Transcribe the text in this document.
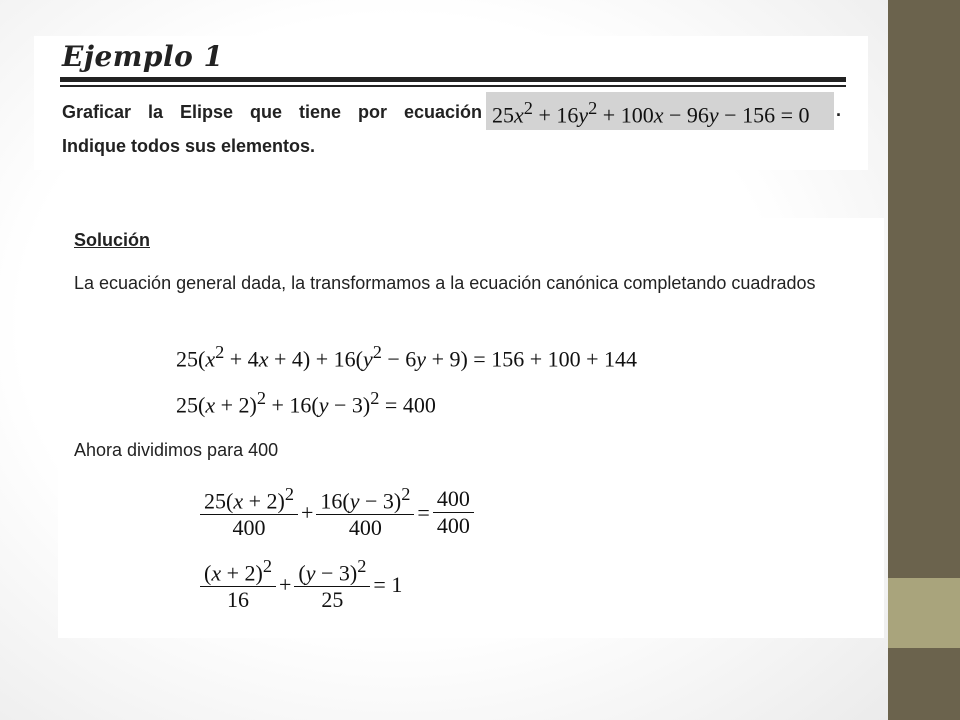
Ejemplo 1
Graficar la Elipse que tiene por ecuación $25x^2 + 16y^2 + 100x - 96y - 156 = 0$ .
Indique todos sus elementos.
Solución
La ecuación general dada, la transformamos a la ecuación canónica completando cuadrados
$25(x^2 + 4x + 4) + 16(y^2 - 6y + 9) = 156 + 100 + 144$
$25(x + 2)^2 + 16(y - 3)^2 = 400$
Ahora dividimos para 400
$\frac{25(x + 2)^2}{400} + \frac{16(y - 3)^2}{400} = \frac{400}{400}$
$\frac{(x + 2)^2}{16} + \frac{(y - 3)^2}{25} = 1$
